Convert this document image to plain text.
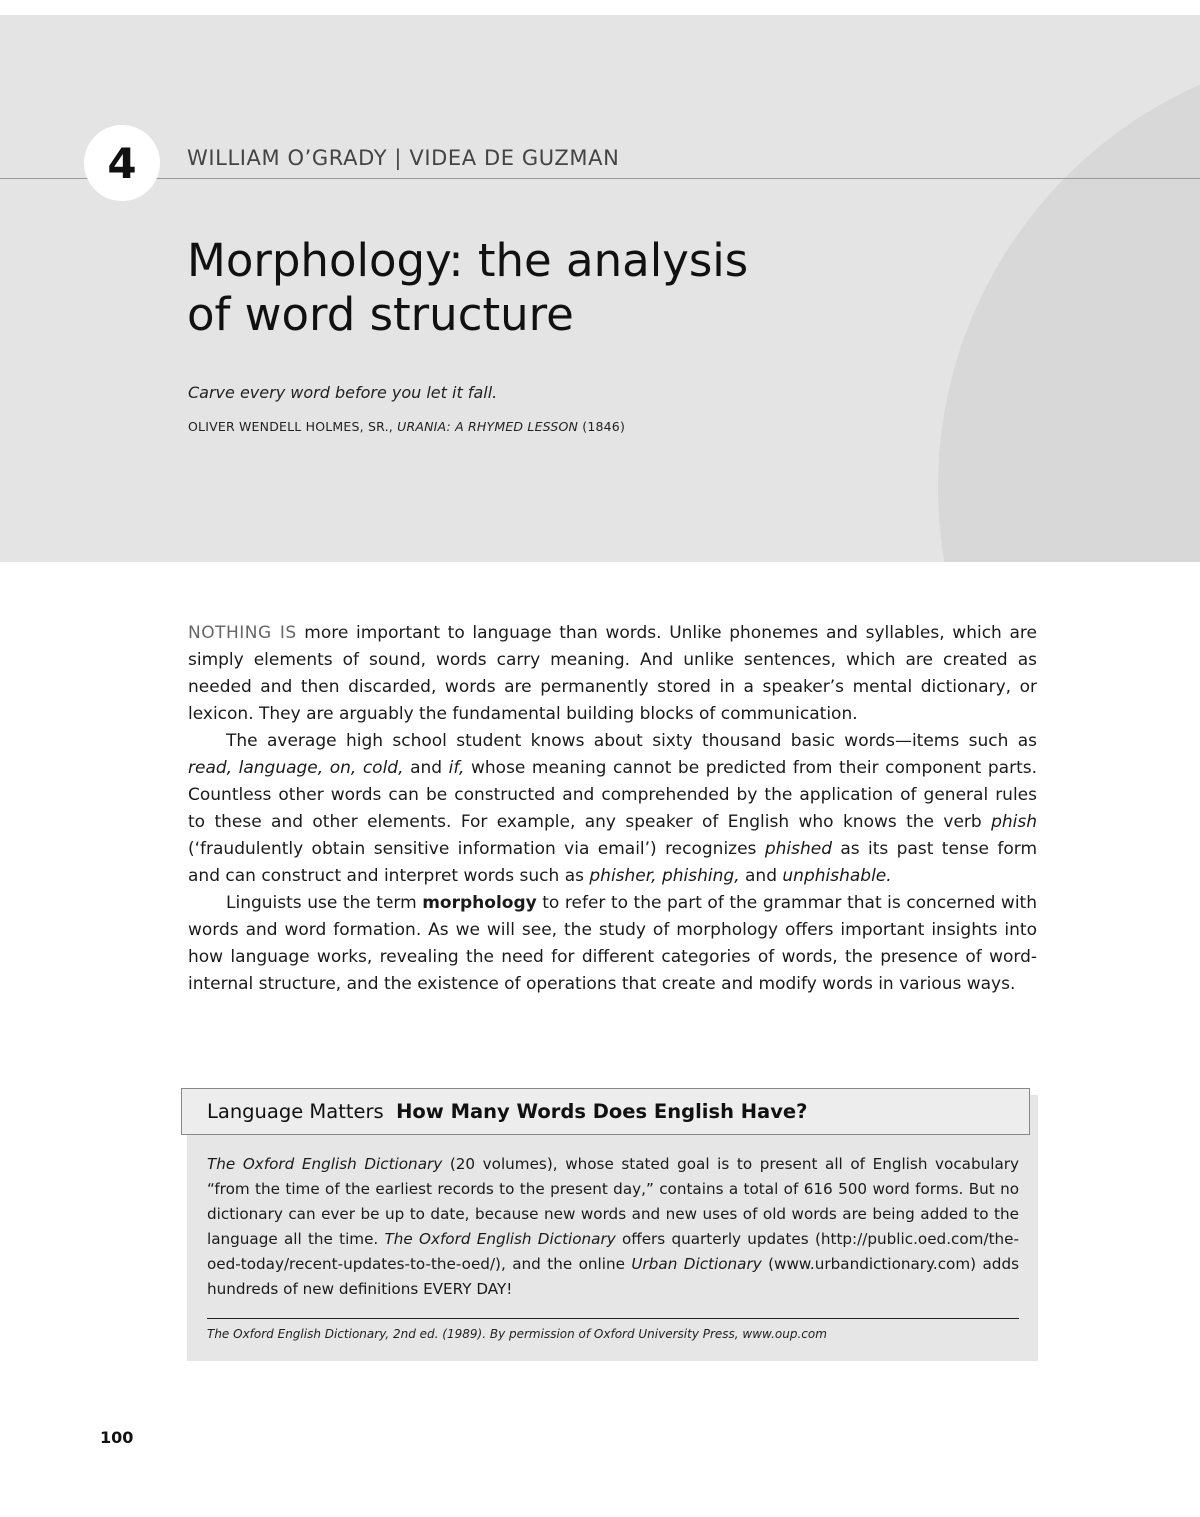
4	WILLIAM O’GRADY | VIDEA DE GUZMAN
Morphology: the analysis
of word structure
Carve every word before you let it fall.
OLIVER WENDELL HOLMES, SR., URANIA: A RHYMED LESSON (1846)

NOTHING IS more important to language than words. Unlike phonemes and syllables, which are simply elements of sound, words carry meaning. And unlike sentences, which are created as needed and then discarded, words are permanently stored in a speaker’s mental dictionary, or lexicon. They are arguably the fundamental building blocks of communication.

The average high school student knows about sixty thousand basic words—items such as read, language, on, cold, and if, whose meaning cannot be predicted from their component parts. Countless other words can be constructed and comprehended by the application of general rules to these and other elements. For example, any speaker of English who knows the verb phish (‘fraudulently obtain sensitive information via email’) recognizes phished as its past tense form and can construct and interpret words such as phisher, phishing, and unphishable.

Linguists use the term morphology to refer to the part of the grammar that is concerned with words and word formation. As we will see, the study of morphology offers important insights into how language works, revealing the need for different categories of words, the presence of word-internal structure, and the existence of operations that create and modify words in various ways.

Language Matters How Many Words Does English Have?

The Oxford English Dictionary (20 volumes), whose stated goal is to present all of English vocabulary “from the time of the earliest records to the present day,” contains a total of 616 500 word forms. But no dictionary can ever be up to date, because new words and new uses of old words are being added to the language all the time. The Oxford English Dictionary offers quarterly updates (http://public.oed.com/the-oed-today/recent-updates-to-the-oed/), and the online Urban Dictionary (www.urbandictionary.com) adds hundreds of new definitions EVERY DAY!

The Oxford English Dictionary, 2nd ed. (1989). By permission of Oxford University Press, www.oup.com
100
